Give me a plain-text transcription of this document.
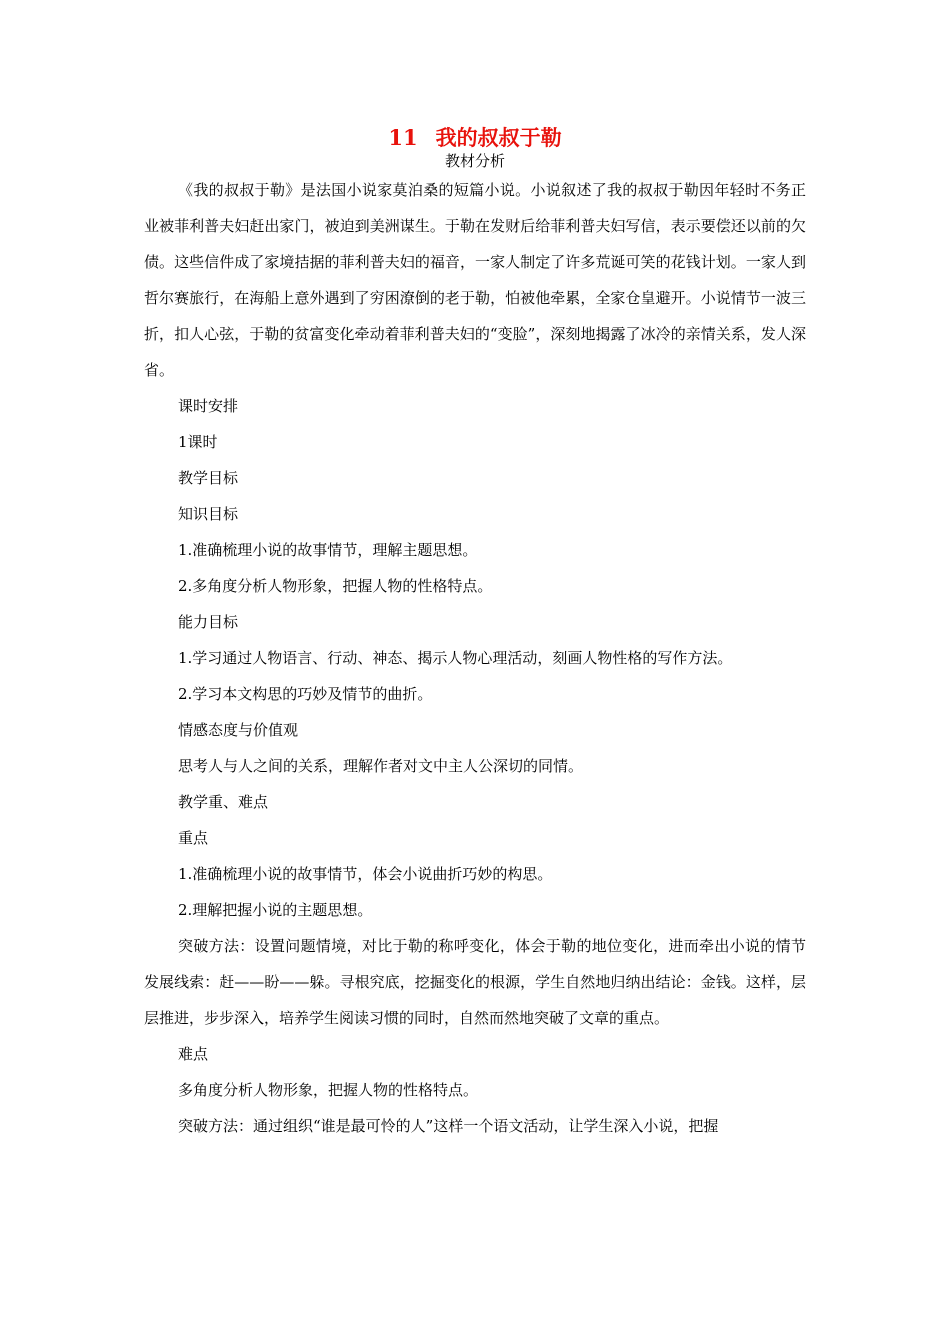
11 我的叔叔于勒
教材分析

《我的叔叔于勒》是法国小说家莫泊桑的短篇小说。小说叙述了我的叔叔于勒因年轻时不务正业被菲利普夫妇赶出家门，被迫到美洲谋生。于勒在发财后给菲利普夫妇写信，表示要偿还以前的欠债。这些信件成了家境拮据的菲利普夫妇的福音，一家人制定了许多荒诞可笑的花钱计划。一家人到哲尔赛旅行，在海船上意外遇到了穷困潦倒的老于勒，怕被他牵累，全家仓皇避开。小说情节一波三折，扣人心弦，于勒的贫富变化牵动着菲利普夫妇的“变脸”，深刻地揭露了冰冷的亲情关系，发人深省。

课时安排

1课时

教学目标

知识目标

1.准确梳理小说的故事情节，理解主题思想。

2.多角度分析人物形象，把握人物的性格特点。

能力目标

1.学习通过人物语言、行动、神态、揭示人物心理活动，刻画人物性格的写作方法。

2.学习本文构思的巧妙及情节的曲折。

情感态度与价值观

思考人与人之间的关系，理解作者对文中主人公深切的同情。

教学重、难点

重点

1.准确梳理小说的故事情节，体会小说曲折巧妙的构思。

2.理解把握小说的主题思想。

突破方法：设置问题情境，对比于勒的称呼变化，体会于勒的地位变化，进而牵出小说的情节发展线索：赶——盼——躲。寻根究底，挖掘变化的根源，学生自然地归纳出结论：金钱。这样，层层推进，步步深入，培养学生阅读习惯的同时，自然而然地突破了文章的重点。

难点

多角度分析人物形象，把握人物的性格特点。

突破方法：通过组织“谁是最可怜的人”这样一个语文活动，让学生深入小说，把握
